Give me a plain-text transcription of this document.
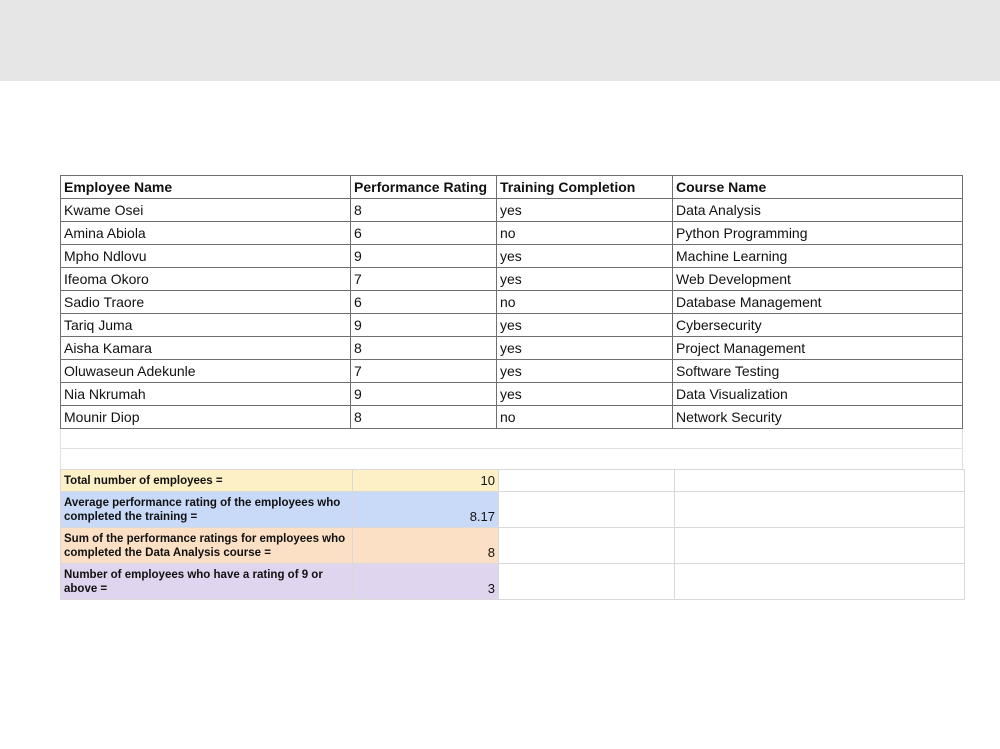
Employee Name	Performance Rating	Training Completion	Course Name
Kwame Osei	8	yes	Data Analysis
Amina Abiola	6	no	Python Programming
Mpho Ndlovu	9	yes	Machine Learning
Ifeoma Okoro	7	yes	Web Development
Sadio Traore	6	no	Database Management
Tariq Juma	9	yes	Cybersecurity
Aisha Kamara	8	yes	Project Management
Oluwaseun Adekunle	7	yes	Software Testing
Nia Nkrumah	9	yes	Data Visualization
Mounir Diop	8	no	Network Security
Total number of employees =	10		
Average performance rating of the employees who completed the training =	8.17		
Sum of the performance ratings for employees who completed the Data Analysis course =	8		
Number of employees who have a rating of 9 or above =	3		
